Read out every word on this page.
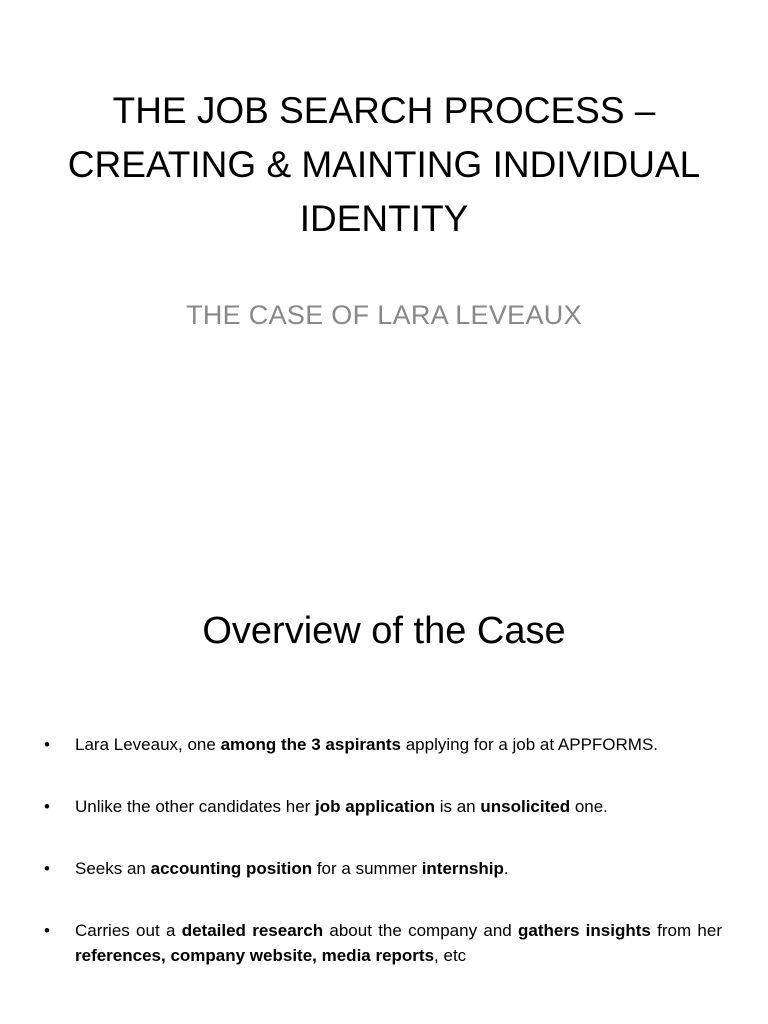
THE JOB SEARCH PROCESS –
CREATING & MAINTING INDIVIDUAL
IDENTITY
THE CASE OF LARA LEVEAUX
Overview of the Case
• Lara Leveaux, one among the 3 aspirants applying for a job at APPFORMS.
• Unlike the other candidates her job application is an unsolicited one.
• Seeks an accounting position for a summer internship.
• Carries out a detailed research about the company and gathers insights from her references, company website, media reports, etc
